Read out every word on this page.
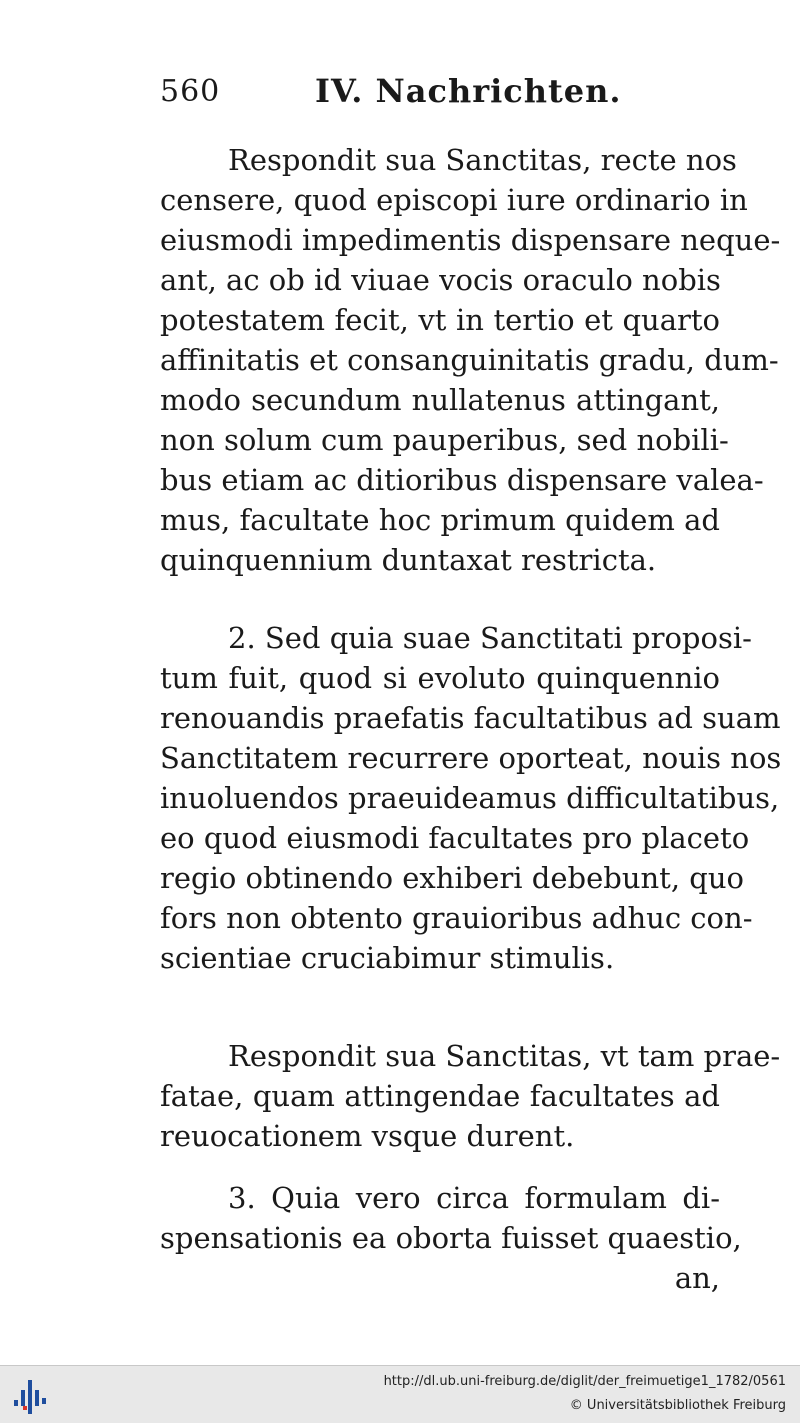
560	IV. Nachrichten.

Respondit sua Sanctitas, recte nos
censere, quod episcopi iure ordinario in
eiusmodi impedimentis dispensare neque-
ant, ac ob id viuae vocis oraculo nobis
potestatem fecit, vt in tertio et quarto
affinitatis et consanguinitatis gradu, dum-
modo secundum nullatenus attingant,
non solum cum pauperibus, sed nobili-
bus etiam ac ditioribus dispensare valea-
mus, facultate hoc primum quidem ad
quinquennium duntaxat restricta.

2. Sed quia suae Sanctitati proposi-
tum fuit, quod si evoluto quinquennio
renouandis praefatis facultatibus ad suam
Sanctitatem recurrere oporteat, nouis nos
inuoluendos praeuideamus difficultatibus,
eo quod eiusmodi facultates pro placeto
regio obtinendo exhiberi debebunt, quo
fors non obtento grauioribus adhuc con-
scientiae cruciabimur stimulis.

Respondit sua Sanctitas, vt tam prae-
fatae, quam attingendae facultates ad
reuocationem vsque durent.

3. Quia vero circa formulam di-
spensationis ea oborta fuisset quaestio,

an,
http://dl.ub.uni-freiburg.de/diglit/der_freimuetige1_1782/0561
© Universitätsbibliothek Freiburg
